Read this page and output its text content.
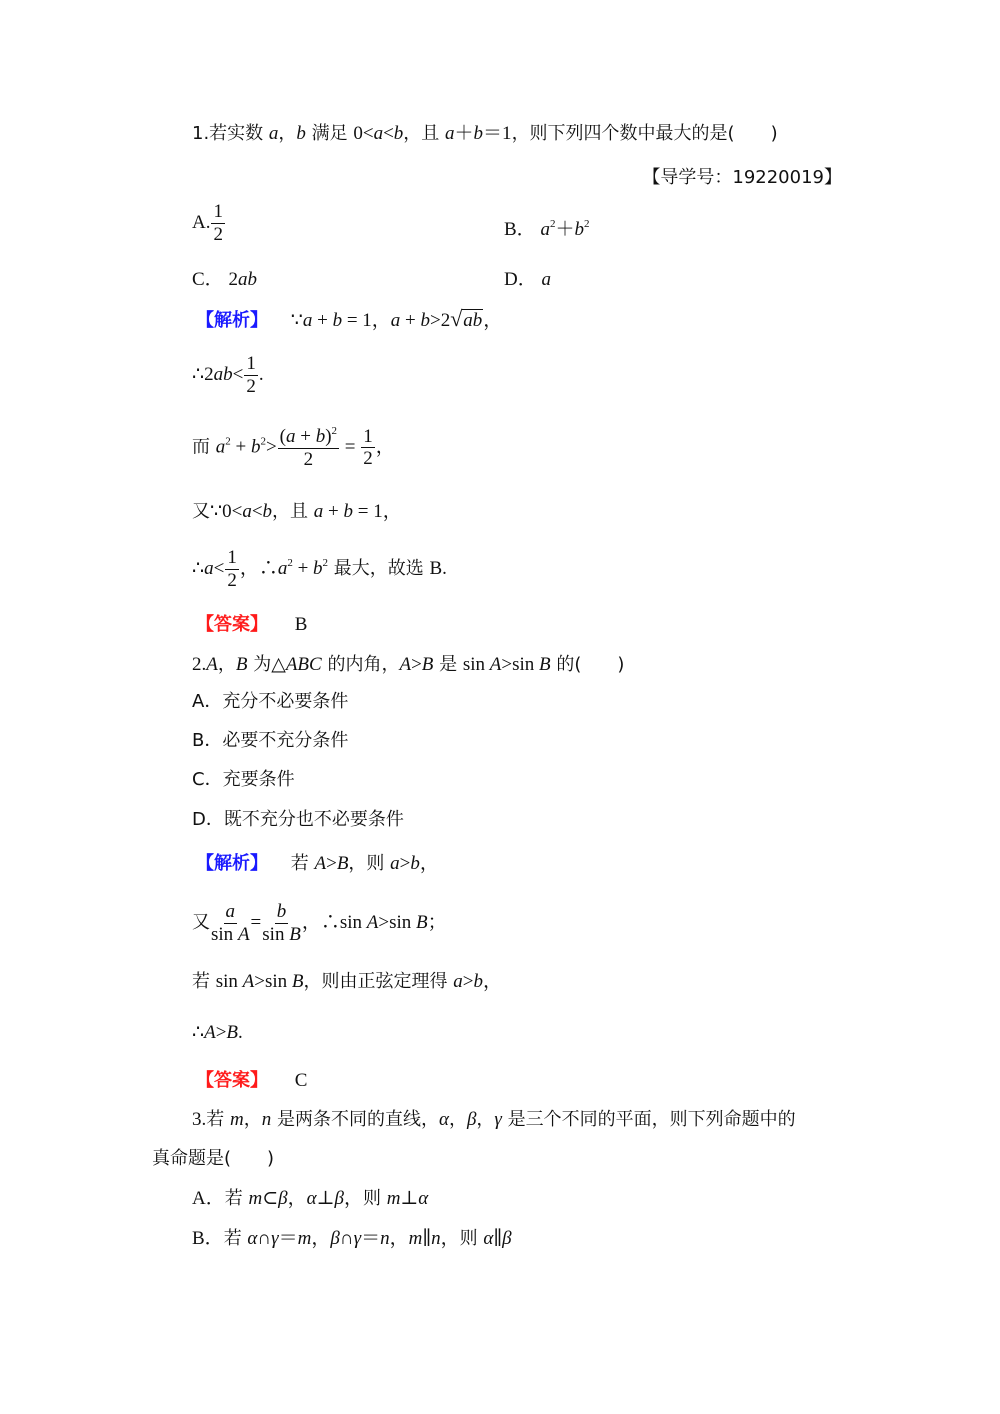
1.若实数 a，b 满足 0<a<b，且 a＋b＝1，则下列四个数中最大的是(　　)
【导学号：19220019】
A. $\frac{1}{2}$	B． $a^2+b^2$
C． 2ab	D． a
【解析】 ∵a + b = 1，a + b>2√ab，
∴2ab< $\frac{1}{2}$ .
而 $a^2 + b^2> \frac{(a + b)^2}{2} = \frac{1}{2}$ ，
又∵0<a<b，且 a + b = 1，
∴a< $\frac{1}{2}$ ，$\therefore a^2 + b^2$ 最大，故选 B.
【答案】 B
2.A，B 为△ABC 的内角，A>B 是 sin A>sin B 的(　　)
A．充分不必要条件
B．必要不充分条件
C．充要条件
D．既不充分也不必要条件
【解析】 若 A>B，则 a>b，
又 $\frac{a}{\text{sin A}} = \frac{b}{\text{sin B}}$ ，∴sin A>sin B；
若 sin A>sin B，则由正弦定理得 a>b，
∴A>B.
【答案】 C
3.若 m，n 是两条不同的直线，α，β，γ 是三个不同的平面，则下列命题中的
真命题是(　　)
A．若 m⊂β，α⊥β，则 m⊥α
B．若 α∩γ＝m，β∩γ＝n，m∥n，则 α∥β
